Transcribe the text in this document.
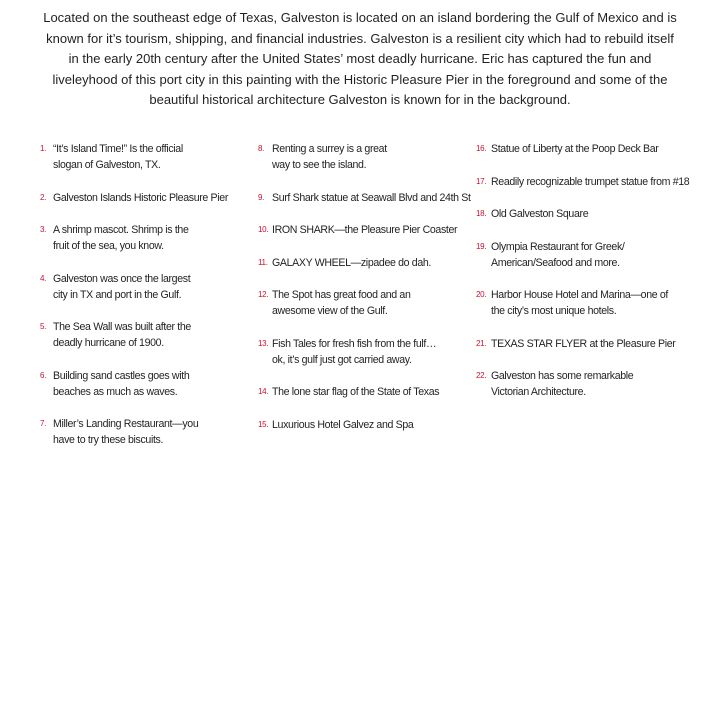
Located on the southeast edge of Texas, Galveston is located on an island bordering the Gulf of Mexico and is known for it’s tourism, shipping, and financial industries. Galveston is a resilient city which had to rebuild itself in the early 20th century after the United States’ most deadly hurricane. Eric has captured the fun and liveleyhood of this port city in this painting with the Historic Pleasure Pier in the foreground and some of the beautiful historical architecture Galveston is known for in the background.

1. “It’s Island Time!” Is the official slogan of Galveston, TX.
2. Galveston Islands Historic Pleasure Pier
3. A shrimp mascot. Shrimp is the fruit of the sea, you know.
4. Galveston was once the largest city in TX and port in the Gulf.
5. The Sea Wall was built after the deadly hurricane of 1900.
6. Building sand castles goes with beaches as much as waves.
7. Miller’s Landing Restaurant—you have to try these biscuits.
8. Renting a surrey is a great way to see the island.
9. Surf Shark statue at Seawall Blvd and 24th St
10. IRON SHARK—the Pleasure Pier Coaster
11. GALAXY WHEEL—zipadee do dah.
12. The Spot has great food and an awesome view of the Gulf.
13. Fish Tales for fresh fish from the fulf… ok, it’s gulf just got carried away.
14. The lone star flag of the State of Texas
15. Luxurious Hotel Galvez and Spa
16. Statue of Liberty at the Poop Deck Bar
17. Readily recognizable trumpet statue from #18
18. Old Galveston Square
19. Olympia Restaurant for Greek/ American/Seafood and more.
20. Harbor House Hotel and Marina—one of the city’s most unique hotels.
21. TEXAS STAR FLYER at the Pleasure Pier
22. Galveston has some remarkable Victorian Architecture.
